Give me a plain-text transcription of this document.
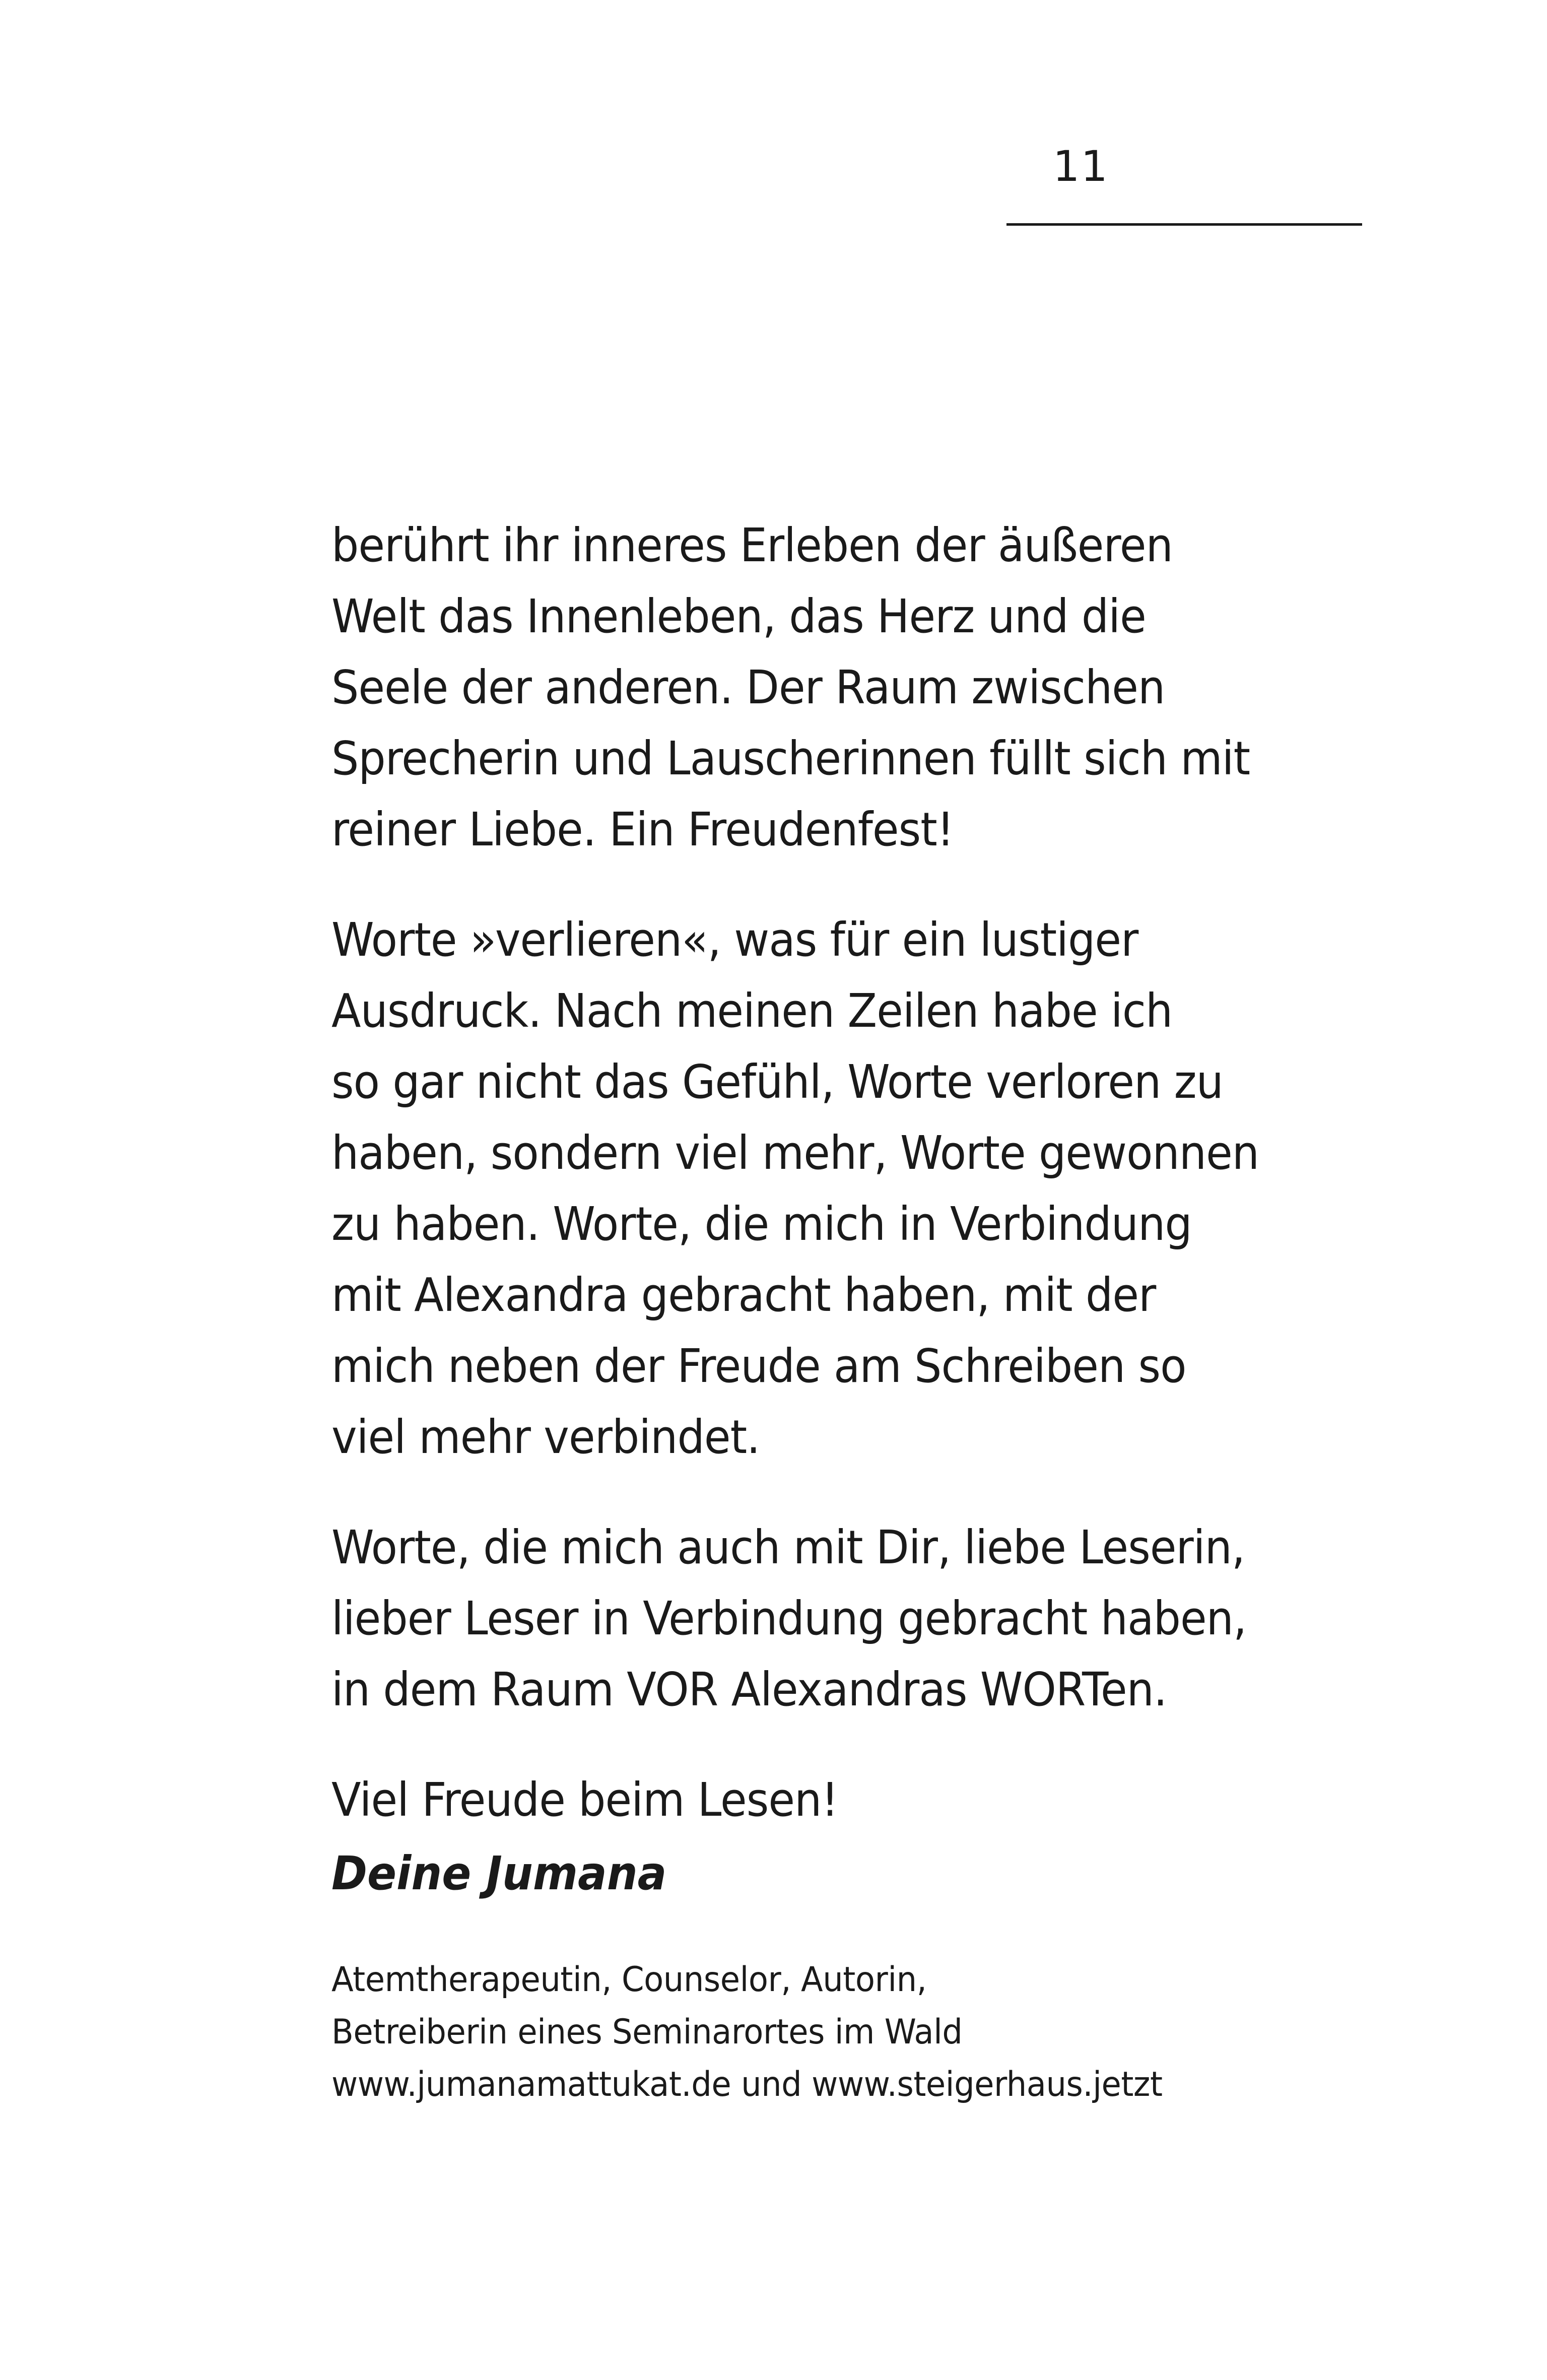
11
berührt ihr inneres Erleben der äußeren
Welt das Innenleben, das Herz und die
Seele der anderen. Der Raum zwischen
Sprecherin und Lauscherinnen füllt sich mit
reiner Liebe. Ein Freudenfest!
Worte »verlieren«, was für ein lustiger
Ausdruck. Nach meinen Zeilen habe ich
so gar nicht das Gefühl, Worte verloren zu
haben, sondern viel mehr, Worte gewonnen
zu haben. Worte, die mich in Verbindung
mit Alexandra gebracht haben, mit der
mich neben der Freude am Schreiben so
viel mehr verbindet.
Worte, die mich auch mit Dir, liebe Leserin,
lieber Leser in Verbindung gebracht haben,
in dem Raum VOR Alexandras WORTen.
Viel Freude beim Lesen!
Deine Jumana
Atemtherapeutin, Counselor, Autorin,
Betreiberin eines Seminarortes im Wald
www.jumanamattukat.de und www.steigerhaus.jetzt
